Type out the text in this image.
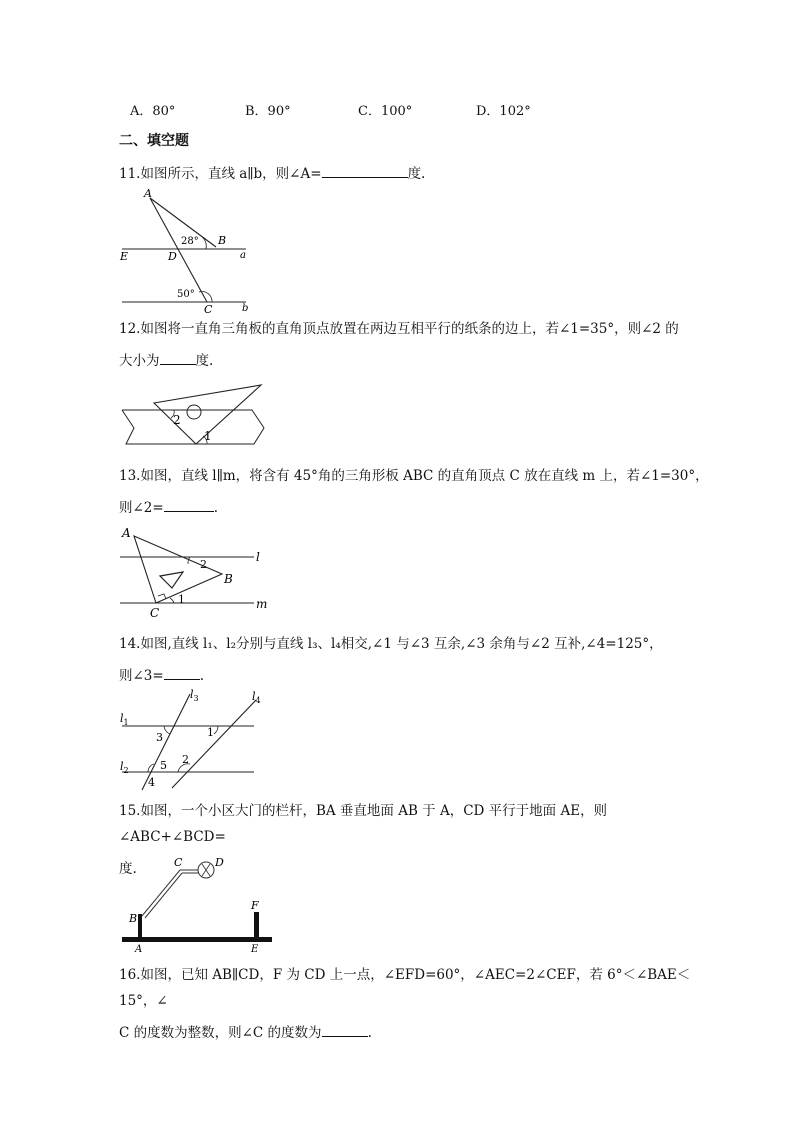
A．80°	B．90°	C．100°	D．102°
二、填空题
11.如图所示，直线 a∥b，则∠A=	度.
A
B
C
D
E	a
b
28°
50°
12.如图将一直角三角板的直角顶点放置在两边互相平行的纸条的边上，若∠1=35°，则∠2 的
大小为	度.
2
1
13.如图，直线 l∥m，将含有 45°角的三角形板 ABC 的直角顶点 C 放在直线 m 上，若∠1=30°，
则∠2=	.
A
B
C
l
m
1
2
14.如图,直线 l₁、l₂分别与直线 l₃、l₄相交,∠1 与∠3 互余,∠3 余角与∠2 互补,∠4=125°，
则∠3=	.
$l_3$	$l_4$
$l_1$
$l_2$
3	1
5 2
4
15.如图，一个小区大门的栏杆，BA 垂直地面 AB 于 A，CD 平行于地面 AE，则∠ABC+∠BCD=
度.	C	D
B
A
F
E
16.如图，已知 AB∥CD，F 为 CD 上一点，∠EFD=60°，∠AEC=2∠CEF，若 6°＜∠BAE＜15°，∠
C 的度数为整数，则∠C 的度数为	.
